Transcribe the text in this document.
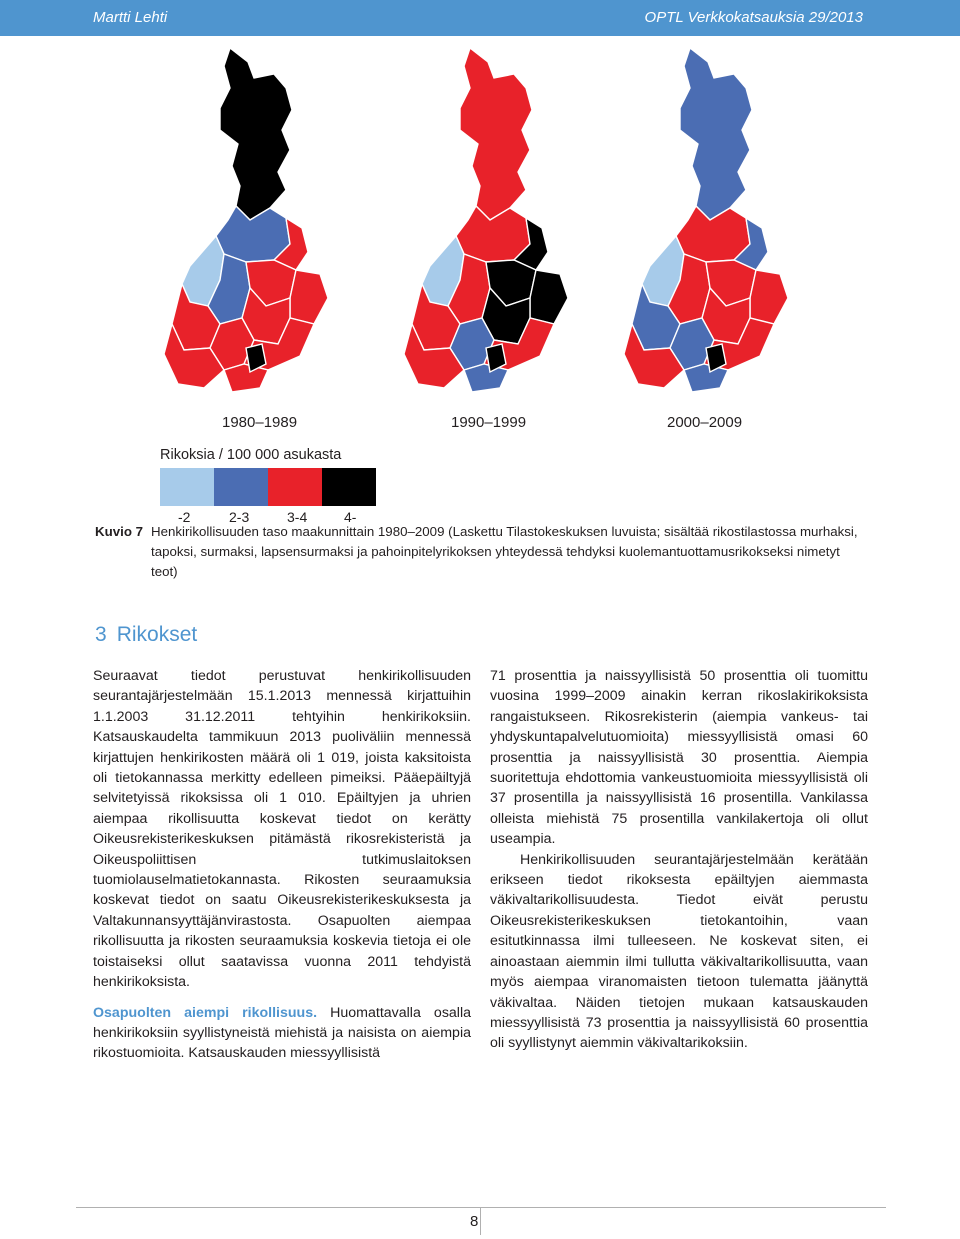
Martti Lehti	OPTL Verkkokatsauksia 29/2013
1980–1989	1990–1999	2000–2009
Rikoksia / 100 000 asukasta
-2	2-3	3-4	4-
Kuvio 7 Henkirikollisuuden taso maakunnittain 1980–2009 (Laskettu Tilastokeskuksen luvuista; sisältää rikostilastossa murhaksi, tapoksi, surmaksi, lapsensurmaksi ja pahoinpitelyrikoksen yhteydessä tehdyksi kuolemantuottamusrikokseksi nimetyt teot)
3 Rikokset

Seuraavat tiedot perustuvat henkirikollisuuden seurantajärjestelmään 15.1.2013 mennessä kirjattuihin 1.1.2003 31.12.2011 tehtyihin henkirikoksiin. Katsauskaudelta tammikuun 2013 puoliväliin mennessä kirjattujen henkirikosten määrä oli 1 019, joista kaksitoista oli tietokannassa merkitty edelleen pimeiksi. Pääepäiltyjä selvitetyissä rikoksissa oli 1 010. Epäiltyjen ja uhrien aiempaa rikollisuutta koskevat tiedot on kerätty Oikeusrekisterikeskuksen pitämästä rikosrekisteristä ja Oikeuspoliittisen tutkimuslaitoksen tuomiolauselmatietokannasta. Rikosten seuraamuksia koskevat tiedot on saatu Oikeusrekisterikeskuksesta ja Valtakunnansyyttäjänvirastosta. Osapuolten aiempaa rikollisuutta ja rikosten seuraamuksia koskevia tietoja ei ole toistaiseksi ollut saatavissa vuonna 2011 tehdyistä henkirikoksista.

Osapuolten aiempi rikollisuus. Huomattavalla osalla henkirikoksiin syyllistyneistä miehistä ja naisista on aiempia rikostuomioita. Katsauskauden miessyyllisistä

71 prosenttia ja naissyyllisistä 50 prosenttia oli tuomittu vuosina 1999–2009 ainakin kerran rikoslakirikoksista rangaistukseen. Rikosrekisterin (aiempia vankeus- tai yhdyskuntapalvelutuomioita) miessyyllisistä omasi 60 prosenttia ja naissyyllisistä 30 prosenttia. Aiempia suoritettuja ehdottomia vankeustuomioita miessyyllisistä oli 37 prosentilla ja naissyyllisistä 16 prosentilla. Vankilassa olleista miehistä 75 prosentilla vankilakertoja oli ollut useampia.

Henkirikollisuuden seurantajärjestelmään kerätään erikseen tiedot rikoksesta epäiltyjen aiemmasta väkivaltarikollisuudesta. Tiedot eivät perustu Oikeusrekisterikeskuksen tietokantoihin, vaan esitutkinnassa ilmi tulleeseen. Ne koskevat siten, ei ainoastaan aiemmin ilmi tullutta väkivaltarikollisuutta, vaan myös aiempaa viranomaisten tietoon tulematta jäänyttä väkivaltaa. Näiden tietojen mukaan katsauskauden miessyyllisistä 73 prosenttia ja naissyyllisistä 60 prosenttia oli syyllistynyt aiemmin väkivaltarikoksiin.

8
